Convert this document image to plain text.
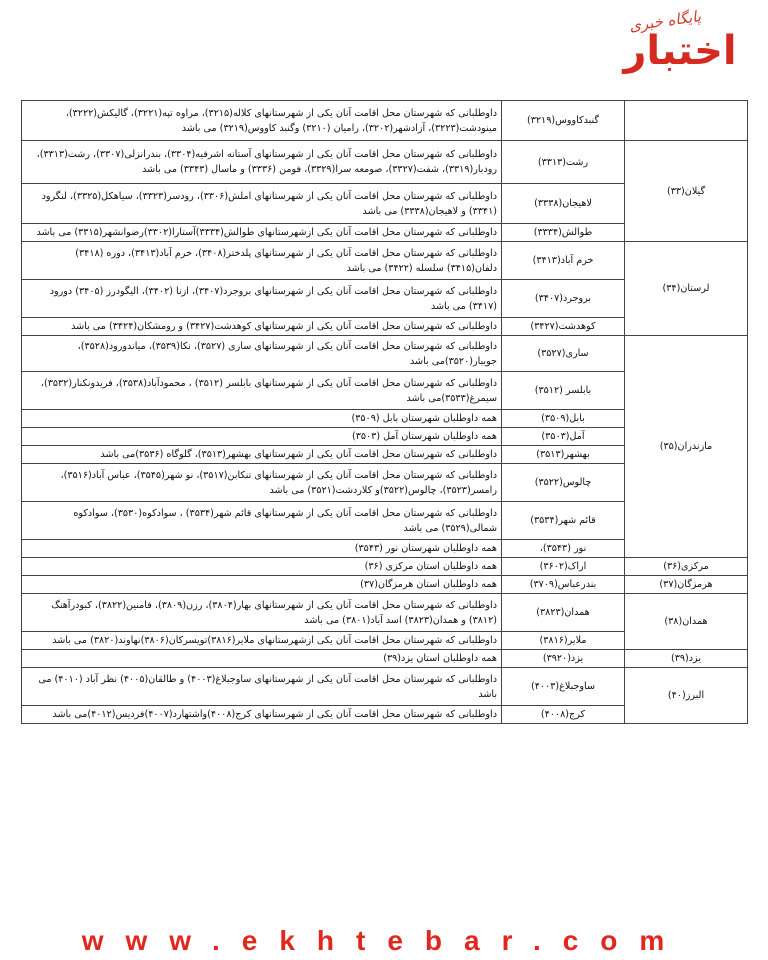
پایگاه خبری
اختبار
	گنبدکاووس(۳۲۱۹)	داوطلبانی که شهرستان محل اقامت آنان یکی از شهرستانهای کلاله(۳۲۱۵)، مراوه تپه(۳۲۲۱)، گالیکش(۳۲۲۲)، مینودشت(۳۲۲۳)، آزادشهر(۳۲۰۲)، رامیان (۳۲۱۰) وگنبد کاووس(۳۲۱۹) می باشد
گیلان(۳۳)	رشت(۳۳۱۳)	داوطلبانی که شهرستان محل اقامت آنان یکی از شهرستانهای آستانه اشرفیه(۳۳۰۴)، بندرانزلی(۳۳۰۷)، رشت(۳۳۱۳)، رودبار(۳۳۱۹)، شفت(۳۳۲۷)، صومعه سرا(۳۳۲۹)، فومن (۳۳۳۶) و ماسال (۳۳۴۳) می باشد
	لاهیجان(۳۳۳۸)	داوطلبانی که شهرستان محل اقامت آنان یکی از شهرستانهای املش(۳۳۰۶)، رودسر(۳۳۲۳)، سیاهکل(۳۳۲۵)، لنگرود (۳۳۴۱) و لاهیجان(۳۳۳۸) می باشد
	طوالش(۳۳۳۴)	داوطلبانی که شهرستان محل اقامت آنان یکی ازشهرستانهای طوالش(۳۳۳۴)آستارا(۳۳۰۲)رضوانشهر(۳۳۱۵) می باشد
لرستان(۳۴)	خرم آباد(۳۴۱۳)	داوطلبانی که شهرستان محل اقامت آنان یکی از شهرستانهای پلدختر(۳۴۰۸)، خرم آباد(۳۴۱۳)، دوره (۳۴۱۸) دلفان(۳۴۱۵) سلسله (۳۴۲۲) می باشد
	بروجرد(۳۴۰۷)	داوطلبانی که شهرستان محل اقامت آنان یکی از شهرستانهای بروجرد(۳۴۰۷)، ازنا (۳۴۰۲)، الیگودرز (۳۴۰۵) دورود (۳۴۱۷) می باشد
	کوهدشت(۳۴۲۷)	داوطلبانی که شهرستان محل اقامت آنان یکی از شهرستانهای کوهدشت(۳۴۲۷) و رومشکان(۳۴۲۴) می باشد
مازندران(۳۵)	ساری(۳۵۲۷)	داوطلبانی که شهرستان محل اقامت آنان یکی از شهرستانهای ساری (۳۵۲۷)، نکا(۳۵۳۹)، میاندورود(۳۵۲۸)، جویبار(۳۵۲۰)می باشد
	بابلسر (۳۵۱۲)	داوطلبانی که شهرستان محل اقامت آنان یکی از شهرستانهای بابلسر (۳۵۱۲) ، محمودآباد(۳۵۳۸)، فریدونکنار(۳۵۳۲)، سیمرغ(۳۵۳۳)می باشد
	بابل(۳۵۰۹)	همه داوطلبان شهرستان بابل (۳۵۰۹)
	آمل(۳۵۰۳)	همه داوطلبان شهرستان آمل (۳۵۰۳)
	بهشهر(۳۵۱۳)	داوطلبانی که شهرستان محل اقامت آنان یکی از شهرستانهای بهشهر(۳۵۱۳)، گلوگاه (۳۵۳۶)می باشد
	چالوس(۳۵۲۲)	داوطلبانی که شهرستان محل اقامت آنان یکی از شهرستانهای تنکابن(۳۵۱۷)، نو شهر(۳۵۴۵)، عباس آباد(۳۵۱۶)، رامسر(۳۵۲۳)، چالوس(۳۵۲۲)و کلاردشت(۳۵۲۱) می باشد
	قائم شهر(۳۵۳۴)	داوطلبانی که شهرستان محل اقامت آنان یکی از شهرستانهای قائم شهر(۳۵۳۴) ، سوادکوه(۳۵۳۰)، سوادکوه شمالی(۳۵۲۹) می باشد
	نور (۳۵۴۳)،	همه داوطلبان شهرستان نور (۳۵۴۳)
مرکزی(۳۶)	اراک(۳۶۰۲)	همه داوطلبان استان مرکزی (۳۶)
هرمزگان(۳۷)	بندرعباس(۳۷۰۹)	همه داوطلبان استان هرمزگان(۳۷)
همدان(۳۸)	همدان(۳۸۲۳)	داوطلبانی که شهرستان محل اقامت آنان یکی از شهرستانهای بهار(۳۸۰۴)، رزن(۳۸۰۹)، فامنین(۳۸۲۲)، کبودرآهنگ (۳۸۱۲) و همدان(۳۸۲۳) اسد آباد(۳۸۰۱) می باشد
	ملایر(۳۸۱۶)	داوطلبانی که شهرستان محل اقامت آنان یکی ازشهرستانهای ملایر(۳۸۱۶)تویسرکان(۳۸۰۶)نهاوند(۳۸۲۰) می باشد
یزد(۳۹)	یزد(۳۹۲۰)	همه داوطلبان استان یزد(۳۹)
البرز(۴۰)	ساوجبلاغ(۴۰۰۳)	داوطلبانی که شهرستان محل اقامت آنان یکی از شهرستانهای ساوجبلاغ(۴۰۰۳) و طالقان(۴۰۰۵) نظر آباد (۴۰۱۰) می باشد
	کرج(۴۰۰۸)	داوطلبانی که شهرستان محل اقامت آنان یکی از شهرستانهای کرج(۴۰۰۸)واشتهارد(۴۰۰۷)فردیس(۴۰۱۲)می باشد
www.ekhtebar.com
